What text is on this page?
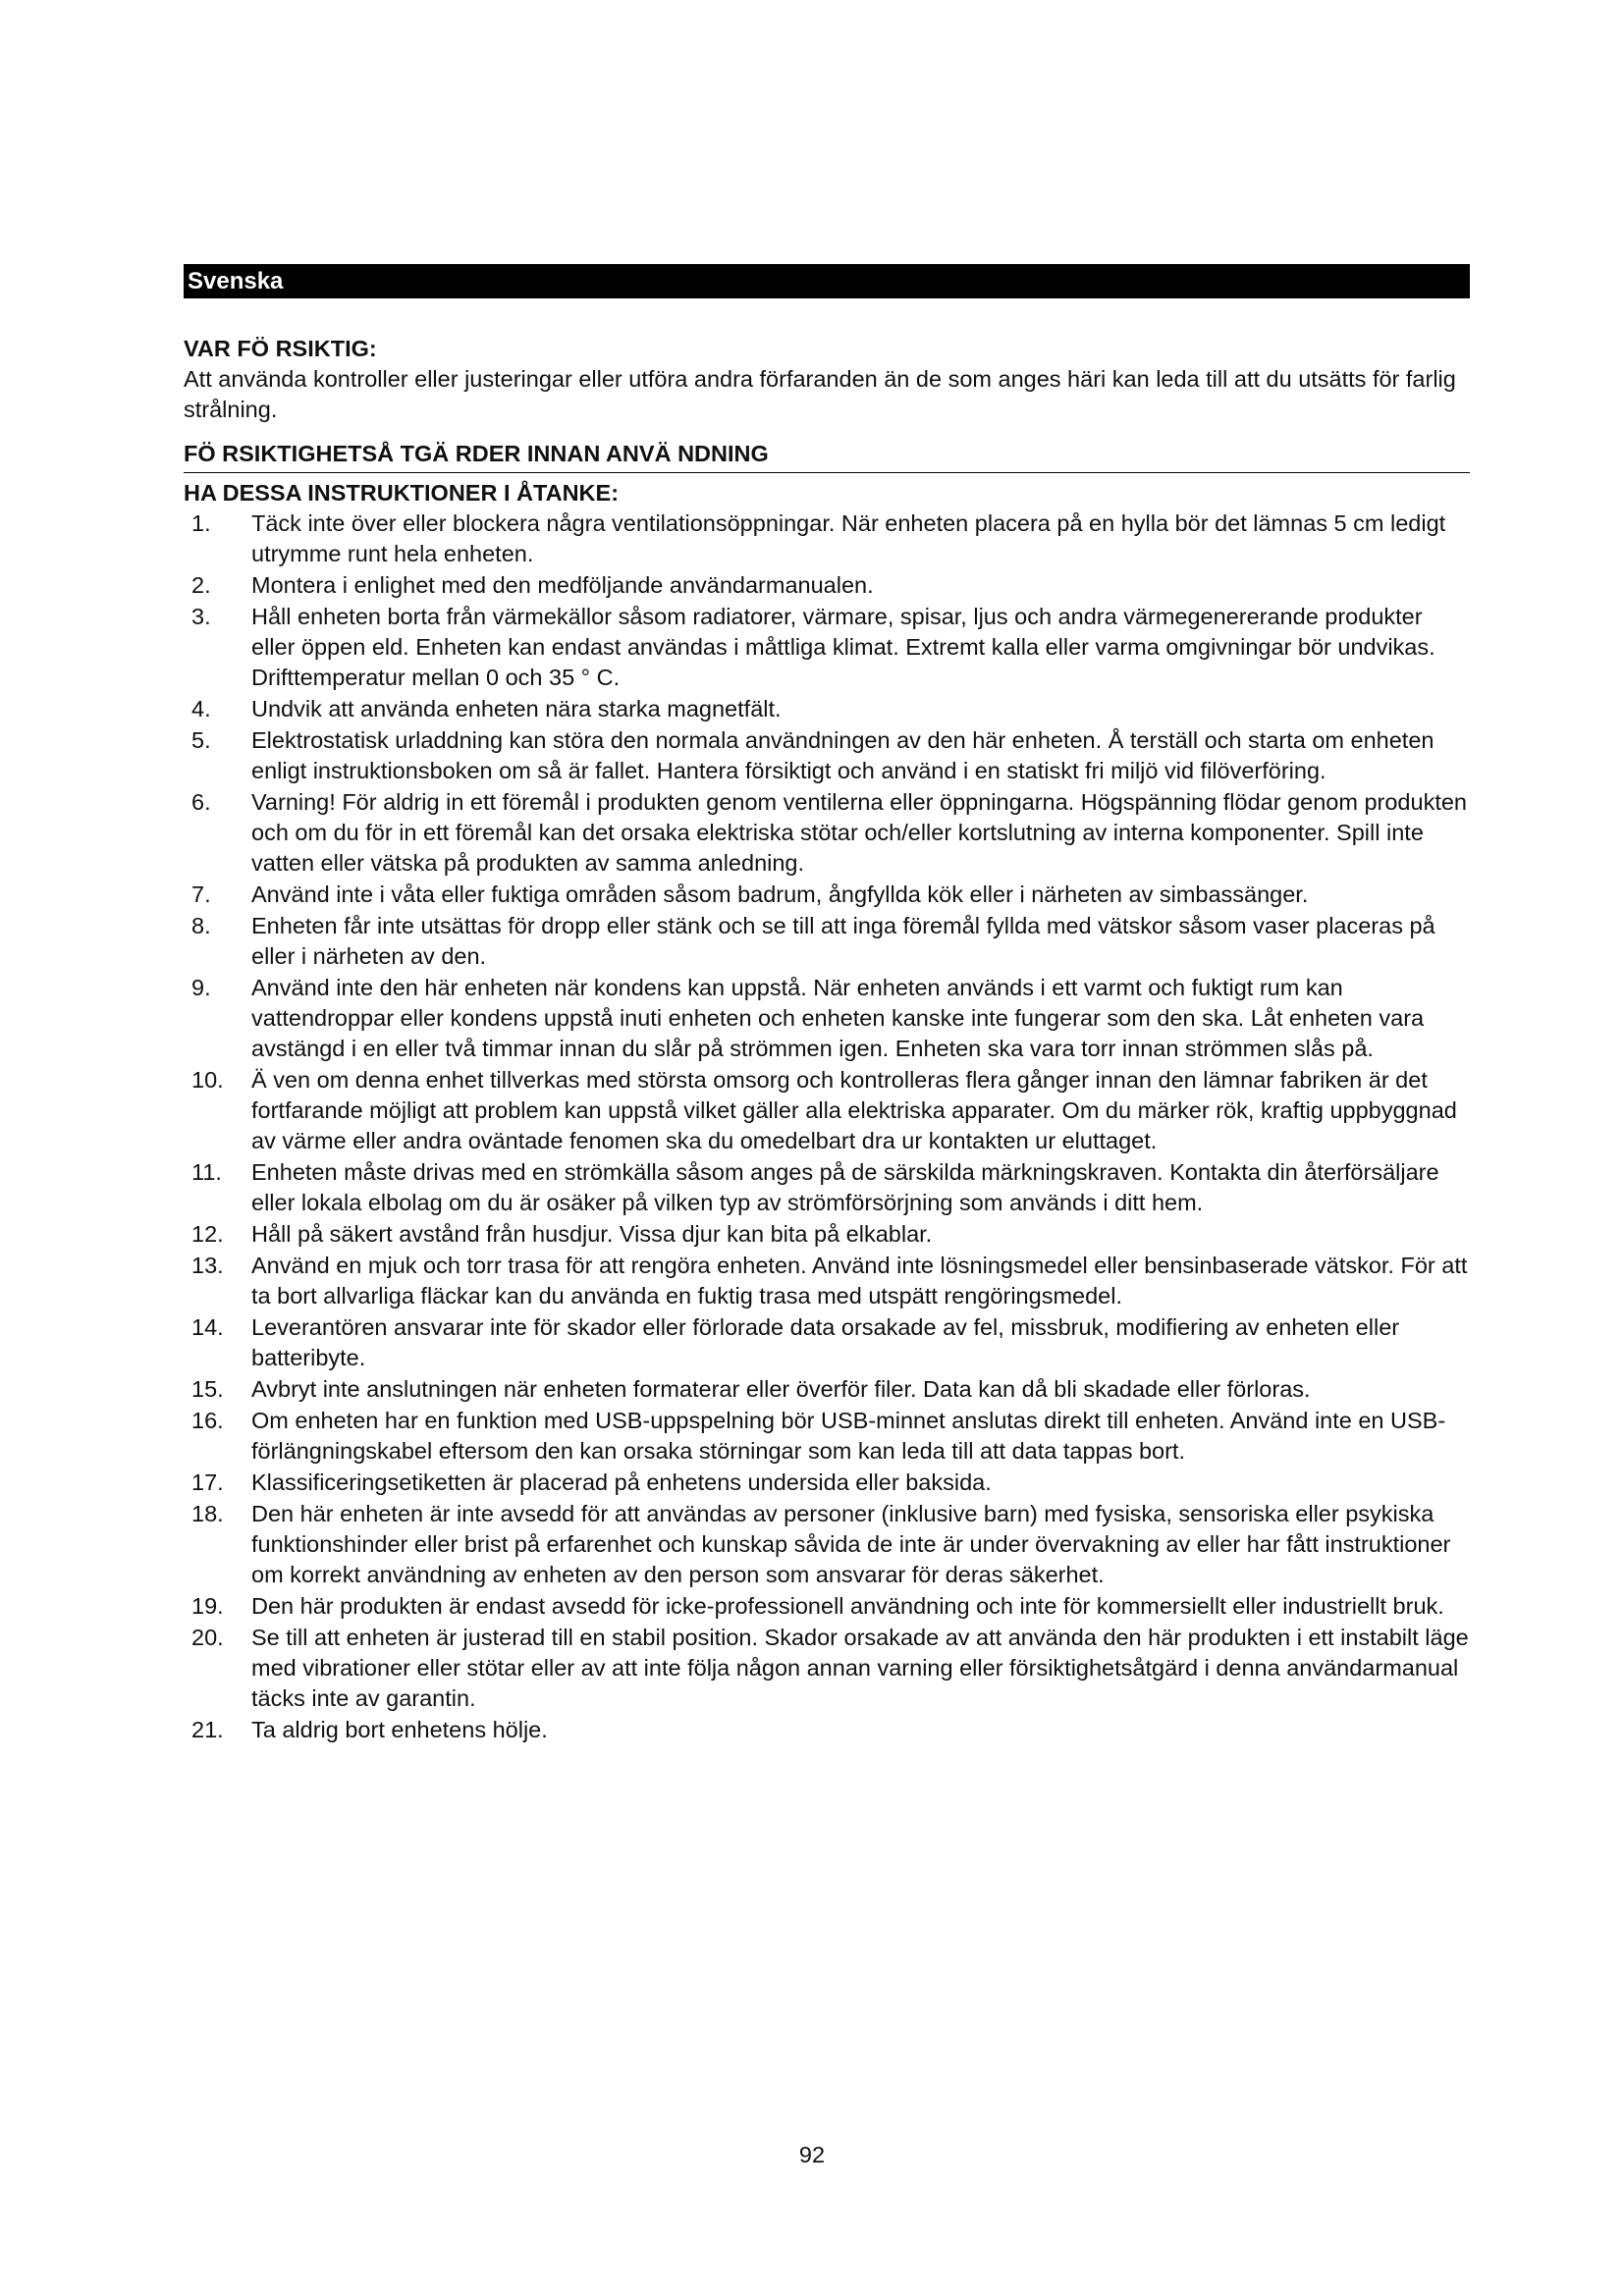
Svenska

VAR FÖ RSIKTIG:

Att använda kontroller eller justeringar eller utföra andra förfaranden än de som anges häri kan leda till att du utsätts för farlig strålning.

FÖ RSIKTIGHETSÅ TGÄ RDER INNAN ANVÄ NDNING
HA DESSA INSTRUKTIONER I ÅTANKE:
1. Täck inte över eller blockera några ventilationsöppningar. När enheten placera på en hylla bör det lämnas 5 cm ledigt utrymme runt hela enheten.
2. Montera i enlighet med den medföljande användarmanualen.
3. Håll enheten borta från värmekällor såsom radiatorer, värmare, spisar, ljus och andra värmegenererande produkter eller öppen eld. Enheten kan endast användas i måttliga klimat. Extremt kalla eller varma omgivningar bör undvikas. Drifttemperatur mellan 0 och 35 ° C.
4. Undvik att använda enheten nära starka magnetfält.
5. Elektrostatisk urladdning kan störa den normala användningen av den här enheten. Å terställ och starta om enheten enligt instruktionsboken om så är fallet. Hantera försiktigt och använd i en statiskt fri miljö vid filöverföring.
6. Varning! För aldrig in ett föremål i produkten genom ventilerna eller öppningarna. Högspänning flödar genom produkten och om du för in ett föremål kan det orsaka elektriska stötar och/eller kortslutning av interna komponenter. Spill inte vatten eller vätska på produkten av samma anledning.
7. Använd inte i våta eller fuktiga områden såsom badrum, ångfyllda kök eller i närheten av simbassänger.
8. Enheten får inte utsättas för dropp eller stänk och se till att inga föremål fyllda med vätskor såsom vaser placeras på eller i närheten av den.
9. Använd inte den här enheten när kondens kan uppstå. När enheten används i ett varmt och fuktigt rum kan vattendroppar eller kondens uppstå inuti enheten och enheten kanske inte fungerar som den ska. Låt enheten vara avstängd i en eller två timmar innan du slår på strömmen igen. Enheten ska vara torr innan strömmen slås på.
10. Ä ven om denna enhet tillverkas med största omsorg och kontrolleras flera gånger innan den lämnar fabriken är det fortfarande möjligt att problem kan uppstå vilket gäller alla elektriska apparater. Om du märker rök, kraftig uppbyggnad av värme eller andra oväntade fenomen ska du omedelbart dra ur kontakten ur eluttaget.
11. Enheten måste drivas med en strömkälla såsom anges på de särskilda märkningskraven. Kontakta din återförsäljare eller lokala elbolag om du är osäker på vilken typ av strömförsörjning som används i ditt hem.
12. Håll på säkert avstånd från husdjur. Vissa djur kan bita på elkablar.
13. Använd en mjuk och torr trasa för att rengöra enheten. Använd inte lösningsmedel eller bensinbaserade vätskor. För att ta bort allvarliga fläckar kan du använda en fuktig trasa med utspätt rengöringsmedel.
14. Leverantören ansvarar inte för skador eller förlorade data orsakade av fel, missbruk, modifiering av enheten eller batteribyte.
15. Avbryt inte anslutningen när enheten formaterar eller överför filer. Data kan då bli skadade eller förloras.
16. Om enheten har en funktion med USB-uppspelning bör USB-minnet anslutas direkt till enheten. Använd inte en USB-förlängningskabel eftersom den kan orsaka störningar som kan leda till att data tappas bort.
17. Klassificeringsetiketten är placerad på enhetens undersida eller baksida.
18. Den här enheten är inte avsedd för att användas av personer (inklusive barn) med fysiska, sensoriska eller psykiska funktionshinder eller brist på erfarenhet och kunskap såvida de inte är under övervakning av eller har fått instruktioner om korrekt användning av enheten av den person som ansvarar för deras säkerhet.
19. Den här produkten är endast avsedd för icke-professionell användning och inte för kommersiellt eller industriellt bruk.
20. Se till att enheten är justerad till en stabil position. Skador orsakade av att använda den här produkten i ett instabilt läge med vibrationer eller stötar eller av att inte följa någon annan varning eller försiktighetsåtgärd i denna användarmanual täcks inte av garantin.
21. Ta aldrig bort enhetens hölje.
92
